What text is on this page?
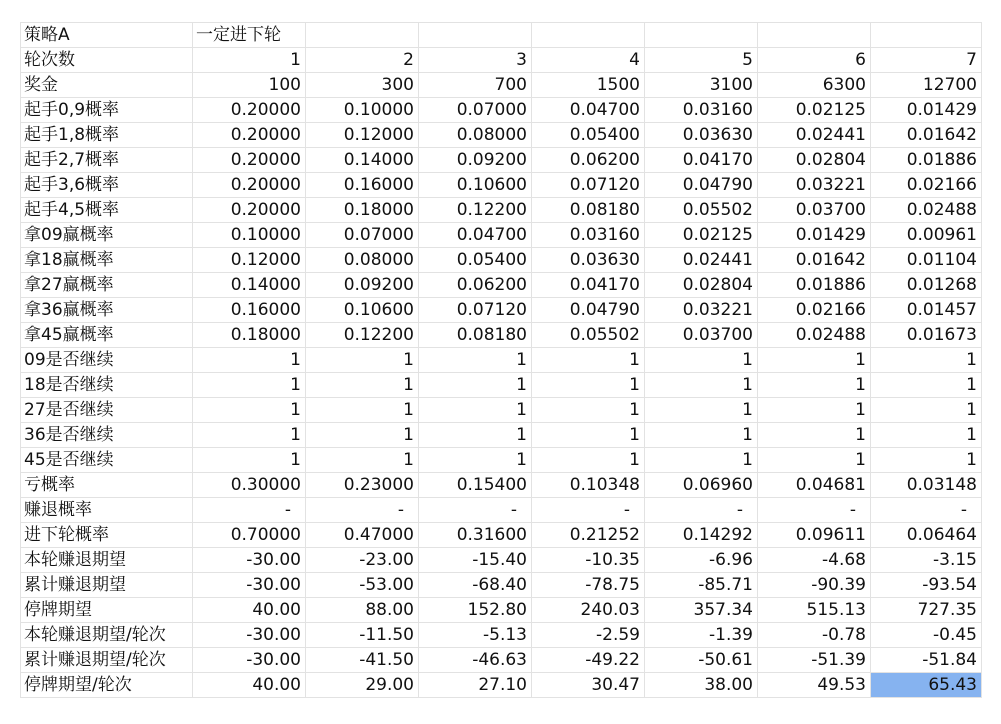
策略A	一定进下轮						
轮次数	1	2	3	4	5	6	7
奖金	100	300	700	1500	3100	6300	12700
起手0,9概率	0.20000	0.10000	0.07000	0.04700	0.03160	0.02125	0.01429
起手1,8概率	0.20000	0.12000	0.08000	0.05400	0.03630	0.02441	0.01642
起手2,7概率	0.20000	0.14000	0.09200	0.06200	0.04170	0.02804	0.01886
起手3,6概率	0.20000	0.16000	0.10600	0.07120	0.04790	0.03221	0.02166
起手4,5概率	0.20000	0.18000	0.12200	0.08180	0.05502	0.03700	0.02488
拿09赢概率	0.10000	0.07000	0.04700	0.03160	0.02125	0.01429	0.00961
拿18赢概率	0.12000	0.08000	0.05400	0.03630	0.02441	0.01642	0.01104
拿27赢概率	0.14000	0.09200	0.06200	0.04170	0.02804	0.01886	0.01268
拿36赢概率	0.16000	0.10600	0.07120	0.04790	0.03221	0.02166	0.01457
拿45赢概率	0.18000	0.12200	0.08180	0.05502	0.03700	0.02488	0.01673
09是否继续	1	1	1	1	1	1	1
18是否继续	1	1	1	1	1	1	1
27是否继续	1	1	1	1	1	1	1
36是否继续	1	1	1	1	1	1	1
45是否继续	1	1	1	1	1	1	1
亏概率	0.30000	0.23000	0.15400	0.10348	0.06960	0.04681	0.03148
赚退概率	-	-	-	-	-	-	-
进下轮概率	0.70000	0.47000	0.31600	0.21252	0.14292	0.09611	0.06464
本轮赚退期望	-30.00	-23.00	-15.40	-10.35	-6.96	-4.68	-3.15
累计赚退期望	-30.00	-53.00	-68.40	-78.75	-85.71	-90.39	-93.54
停牌期望	40.00	88.00	152.80	240.03	357.34	515.13	727.35
本轮赚退期望/轮次	-30.00	-11.50	-5.13	-2.59	-1.39	-0.78	-0.45
累计赚退期望/轮次	-30.00	-41.50	-46.63	-49.22	-50.61	-51.39	-51.84
停牌期望/轮次	40.00	29.00	27.10	30.47	38.00	49.53	65.43
